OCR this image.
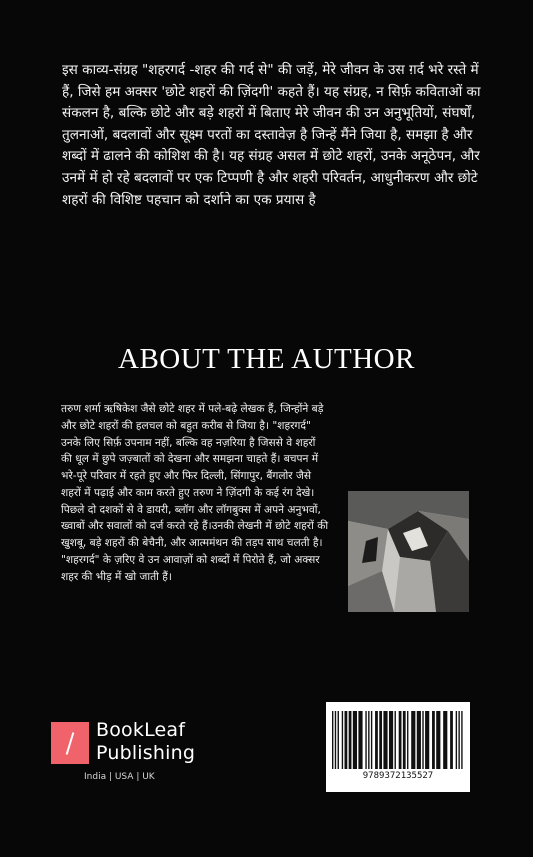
इस काव्य-संग्रह "शहरगर्द -शहर की गर्द से" की जड़ें, मेरे जीवन के उस ग़र्द भरे रस्ते में हैं, जिसे हम अक्सर 'छोटे शहरों की ज़िंदगी' कहते हैं। यह संग्रह, न सिर्फ़ कविताओं का संकलन है, बल्कि छोटे और बड़े शहरों में बिताए मेरे जीवन की उन अनुभूतियों, संघर्षों, तुलनाओं, बदलावों और सूक्ष्म परतों का दस्तावेज़ है जिन्हें मैंने जिया है, समझा है और शब्दों में ढालने की कोशिश की है। यह संग्रह असल में छोटे शहरों, उनके अनूठेपन, और उनमें में हो रहे बदलावों पर एक टिप्पणी है और शहरी परिवर्तन, आधुनीकरण और छोटे शहरों की विशिष्ट पहचान को दर्शाने का एक प्रयास है
ABOUT THE AUTHOR
तरुण शर्मा ऋषिकेश जैसे छोटे शहर में पले-बढ़े लेखक हैं, जिन्होंने बड़े और छोटे शहरों की हलचल को बहुत करीब से जिया है। "शहरगर्द" उनके लिए सिर्फ़ उपनाम नहीं, बल्कि वह नज़रिया है जिससे वे शहरों की धूल में छुपे जज़्बातों को देखना और समझना चाहते हैं। बचपन में भरे-पूरे परिवार में रहते हुए और फिर दिल्ली, सिंगापुर, बैंगलोर जैसे शहरों में पढ़ाई और काम करते हुए तरुण ने ज़िंदगी के कई रंग देखे। पिछले दो दशकों से वे डायरी, ब्लॉग और लॉगबुक्स में अपने अनुभवों, ख्वाबों और सवालों को दर्ज करते रहे हैं।उनकी लेखनी में छोटे शहरों की खुशबू, बड़े शहरों की बेचैनी, और आत्ममंथन की तड़प साथ चलती है। "शहरगर्द" के ज़रिए वे उन आवाज़ों को शब्दों में पिरोते हैं, जो अक्सर शहर की भीड़ में खो जाती हैं।
BookLeaf
Publishing
India | USA | UK	9789372135527
